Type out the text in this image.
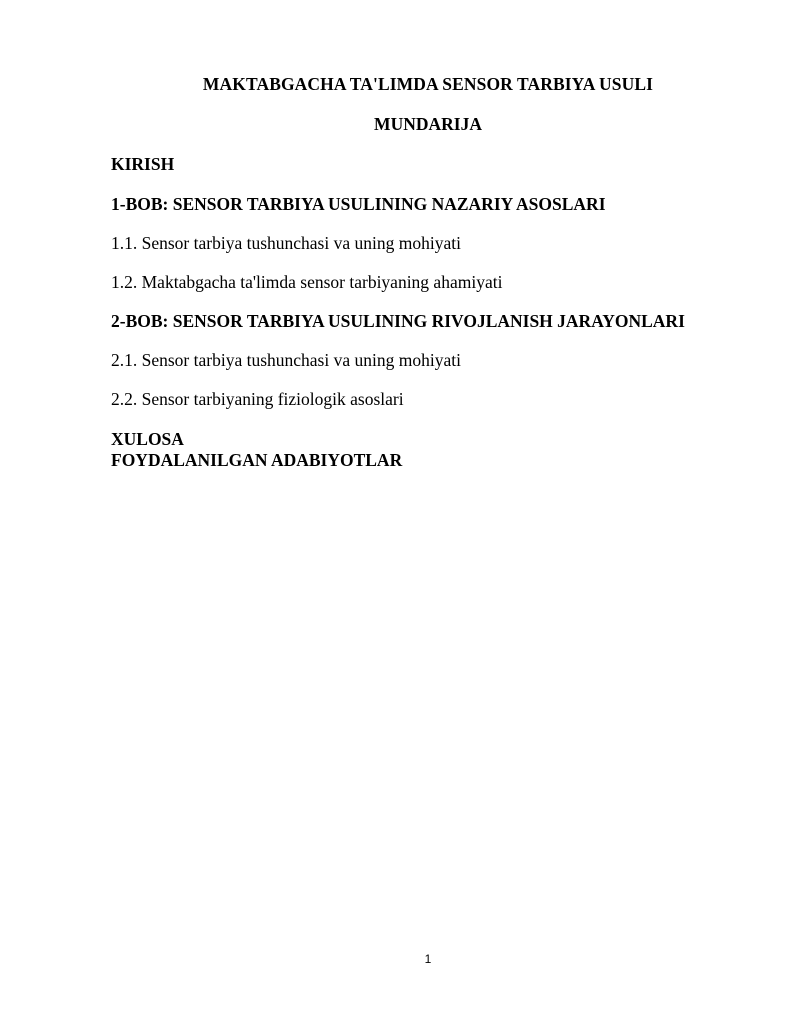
MAKTABGACHA TA'LIMDA SENSOR TARBIYA USULI

MUNDARIJA

KIRISH

1-BOB: SENSOR TARBIYA USULINING NAZARIY ASOSLARI

1.1. Sensor tarbiya tushunchasi va uning mohiyati

1.2. Maktabgacha ta'limda sensor tarbiyaning ahamiyati

2-BOB: SENSOR TARBIYA USULINING RIVOJLANISH JARAYONLARI

2.1. Sensor tarbiya tushunchasi va uning mohiyati

2.2. Sensor tarbiyaning fiziologik asoslari

XULOSA

FOYDALANILGAN ADABIYOTLAR

1
